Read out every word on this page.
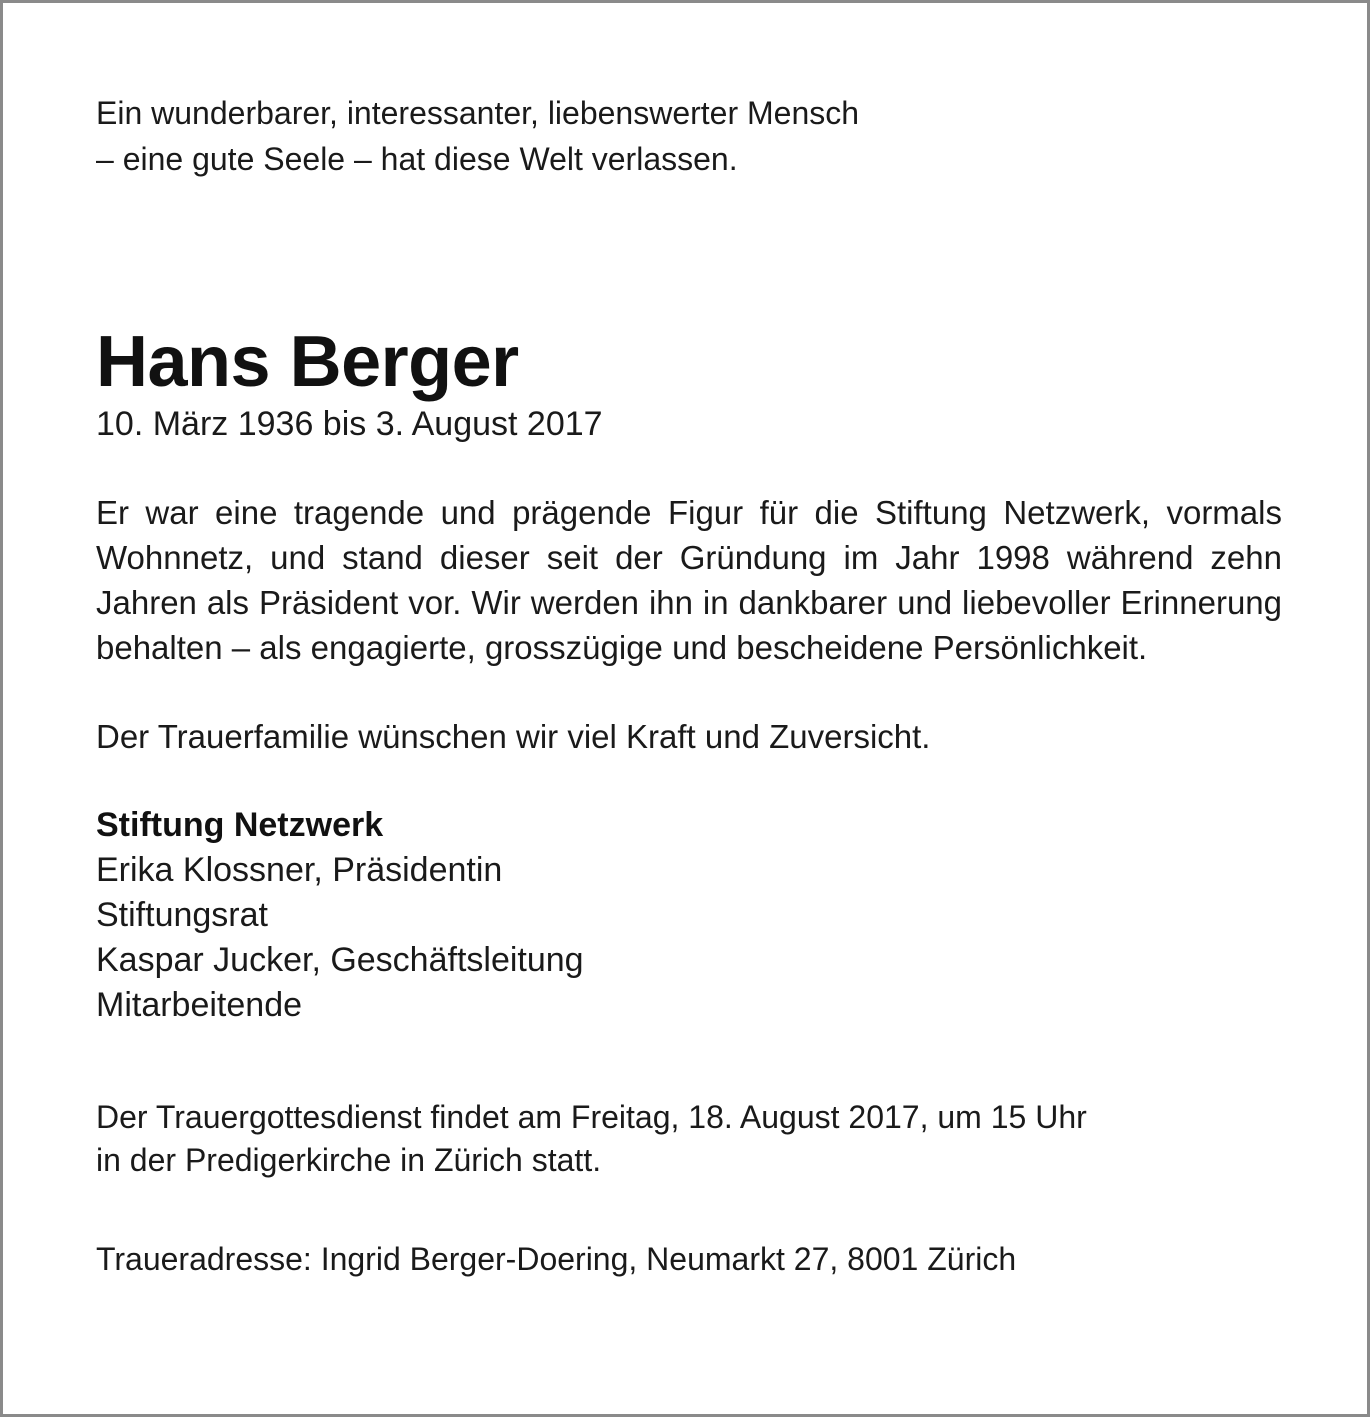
Ein wunderbarer, interessanter, liebenswerter Mensch
– eine gute Seele – hat diese Welt verlassen.

Hans Berger

10. März 1936 bis 3. August 2017

Er war eine tragende und prägende Figur für die Stiftung Netzwerk, vormals Wohnnetz, und stand dieser seit der Gründung im Jahr 1998 während zehn Jahren als Präsident vor. Wir werden ihn in dankbarer und liebevoller Erinnerung behalten – als engagierte, grosszügige und bescheidene Persönlichkeit.

Der Trauerfamilie wünschen wir viel Kraft und Zuversicht.

Stiftung Netzwerk
Erika Klossner, Präsidentin
Stiftungsrat
Kaspar Jucker, Geschäftsleitung
Mitarbeitende

Der Trauergottesdienst findet am Freitag, 18. August 2017, um 15 Uhr
in der Predigerkirche in Zürich statt.

Traueradresse: Ingrid Berger-Doering, Neumarkt 27, 8001 Zürich
